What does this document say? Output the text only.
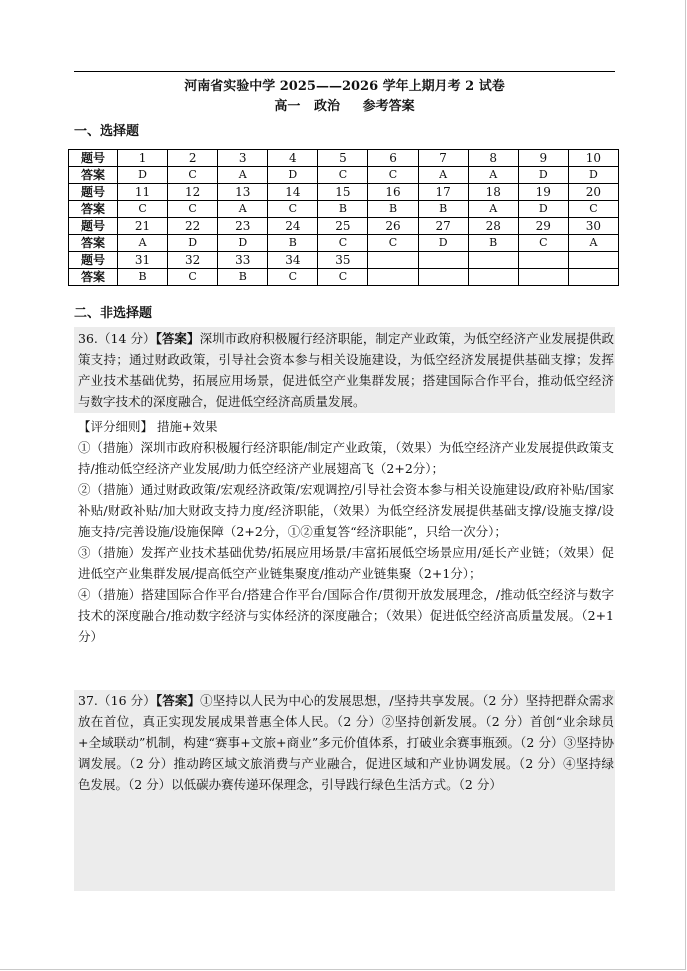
河南省实验中学 2025——2026 学年上期月考 2 试卷
高一   政治     参考答案
一、选择题
题号	1	2	3	4	5	6	7	8	9	10
答案	D	C	A	D	C	C	A	A	D	D
题号	11	12	13	14	15	16	17	18	19	20
答案	C	C	A	C	B	B	B	A	D	C
题号	21	22	23	24	25	26	27	28	29	30
答案	A	D	D	B	C	C	D	B	C	A
题号	31	32	33	34	35					
答案	B	C	B	C	C					
二、非选择题
36.（14 分）【答案】深圳市政府积极履行经济职能，制定产业政策，为低空经济产业发展提供政策支持；通过财政政策，引导社会资本参与相关设施建设，为低空经济发展提供基础支撑；发挥产业技术基础优势，拓展应用场景，促进低空产业集群发展；搭建国际合作平台，推动低空经济与数字技术的深度融合，促进低空经济高质量发展。
【评分细则】 措施+效果
①（措施）深圳市政府积极履行经济职能/制定产业政策，（效果）为低空经济产业发展提供政策支持/推动低空经济产业发展/助力低空经济产业展翅高飞（2+2分）；
②（措施）通过财政政策/宏观经济政策/宏观调控/引导社会资本参与相关设施建设/政府补贴/国家补贴/财政补贴/加大财政支持力度/经济职能，（效果）为低空经济发展提供基础支撑/设施支撑/设施支持/完善设施/设施保障（2+2分，①②重复答“经济职能”，只给一次分）；
③（措施）发挥产业技术基础优势/拓展应用场景/丰富拓展低空场景应用/延长产业链；（效果）促进低空产业集群发展/提高低空产业链集聚度/推动产业链集聚（2+1分）；
④（措施）搭建国际合作平台/搭建合作平台/国际合作/贯彻开放发展理念，/推动低空经济与数字技术的深度融合/推动数字经济与实体经济的深度融合；（效果）促进低空经济高质量发展。（2+1分）
37.（16 分）【答案】①坚持以人民为中心的发展思想，/坚持共享发展。（2 分）坚持把群众需求放在首位，真正实现发展成果普惠全体人民。（2 分）②坚持创新发展。（2 分）首创“业余球员+全域联动”机制，构建“赛事+文旅+商业”多元价值体系，打破业余赛事瓶颈。（2 分）③坚持协调发展。（2 分）推动跨区域文旅消费与产业融合，促进区域和产业协调发展。（2 分）④坚持绿色发展。（2 分）以低碳办赛传递环保理念，引导践行绿色生活方式。（2 分）
